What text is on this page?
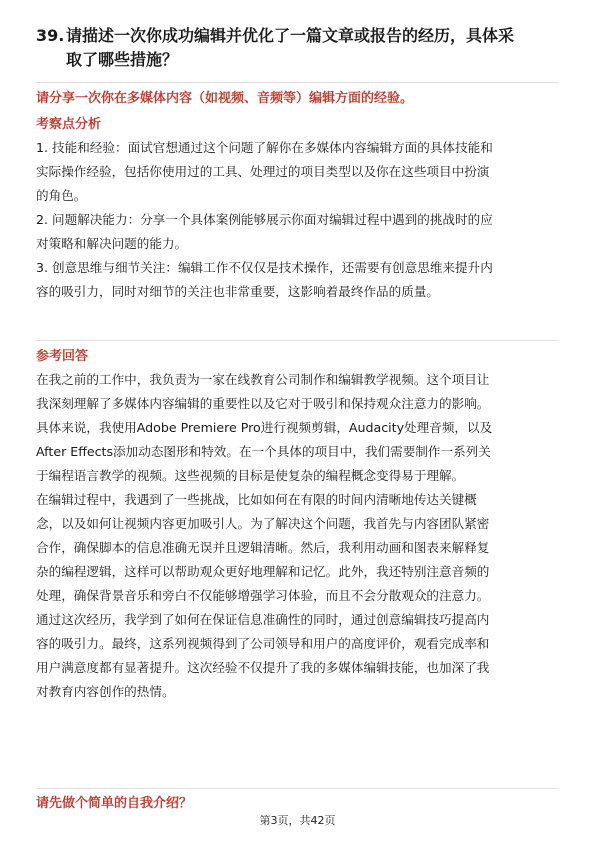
39. 请描述一次你成功编辑并优化了一篇文章或报告的经历，具体采
取了哪些措施？
请分享一次你在多媒体内容（如视频、音频等）编辑方面的经验。
考察点分析

1. 技能和经验：面试官想通过这个问题了解你在多媒体内容编辑方面的具体技能和
实际操作经验，包括你使用过的工具、处理过的项目类型以及你在这些项目中扮演
的角色。

2. 问题解决能力：分享一个具体案例能够展示你面对编辑过程中遇到的挑战时的应
对策略和解决问题的能力。

3. 创意思维与细节关注：编辑工作不仅仅是技术操作，还需要有创意思维来提升内
容的吸引力，同时对细节的关注也非常重要，这影响着最终作品的质量。

参考回答

在我之前的工作中，我负责为一家在线教育公司制作和编辑教学视频。这个项目让
我深刻理解了多媒体内容编辑的重要性以及它对于吸引和保持观众注意力的影响。
具体来说，我使用Adobe Premiere Pro进行视频剪辑，Audacity处理音频，以及
After Effects添加动态图形和特效。在一个具体的项目中，我们需要制作一系列关
于编程语言教学的视频。这些视频的目标是使复杂的编程概念变得易于理解。

在编辑过程中，我遇到了一些挑战，比如如何在有限的时间内清晰地传达关键概
念，以及如何让视频内容更加吸引人。为了解决这个问题，我首先与内容团队紧密
合作，确保脚本的信息准确无误并且逻辑清晰。然后，我利用动画和图表来解释复
杂的编程逻辑，这样可以帮助观众更好地理解和记忆。此外，我还特别注意音频的
处理，确保背景音乐和旁白不仅能够增强学习体验，而且不会分散观众的注意力。

通过这次经历，我学到了如何在保证信息准确性的同时，通过创意编辑技巧提高内
容的吸引力。最终，这系列视频得到了公司领导和用户的高度评价，观看完成率和
用户满意度都有显著提升。这次经验不仅提升了我的多媒体编辑技能，也加深了我
对教育内容创作的热情。

请先做个简单的自我介绍？
第3页，共42页
